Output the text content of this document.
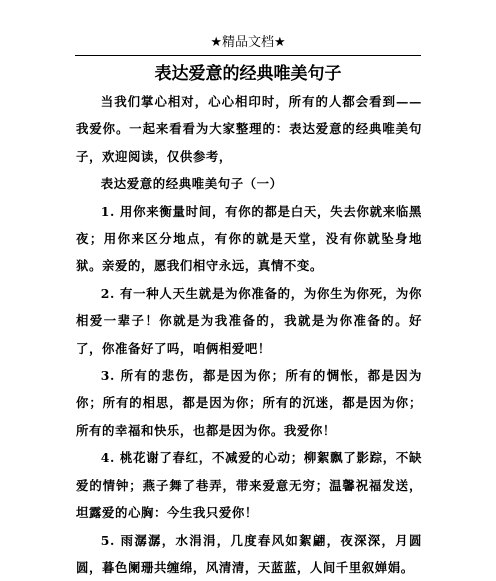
★精品文档★
表达爱意的经典唯美句子

当我们掌心相对，心心相印时，所有的人都会看到——我爱你。一起来看看为大家整理的：表达爱意的经典唯美句子，欢迎阅读，仅供参考，

表达爱意的经典唯美句子（一）

1. 用你来衡量时间，有你的都是白天，失去你就来临黑夜；用你来区分地点，有你的就是天堂，没有你就坠身地狱。亲爱的，愿我们相守永远，真情不变。

2. 有一种人天生就是为你准备的，为你生为你死，为你相爱一辈子！你就是为我准备的，我就是为你准备的。好了，你准备好了吗，咱俩相爱吧！

3. 所有的悲伤，都是因为你；所有的惆怅，都是因为你；所有的相思，都是因为你；所有的沉迷，都是因为你；所有的幸福和快乐，也都是因为你。我爱你！

4. 桃花谢了春红，不减爱的心动；柳絮飘了影踪，不缺爱的情钟；燕子舞了巷弄，带来爱意无穷；温馨祝福发送，坦露爱的心胸：今生我只爱你！

5. 雨潺潺，水涓涓，几度春风如絮翩，夜深深，月圆圆，暮色阑珊共缠绵，风清清，天蓝蓝，人间千里叙婵娟。
